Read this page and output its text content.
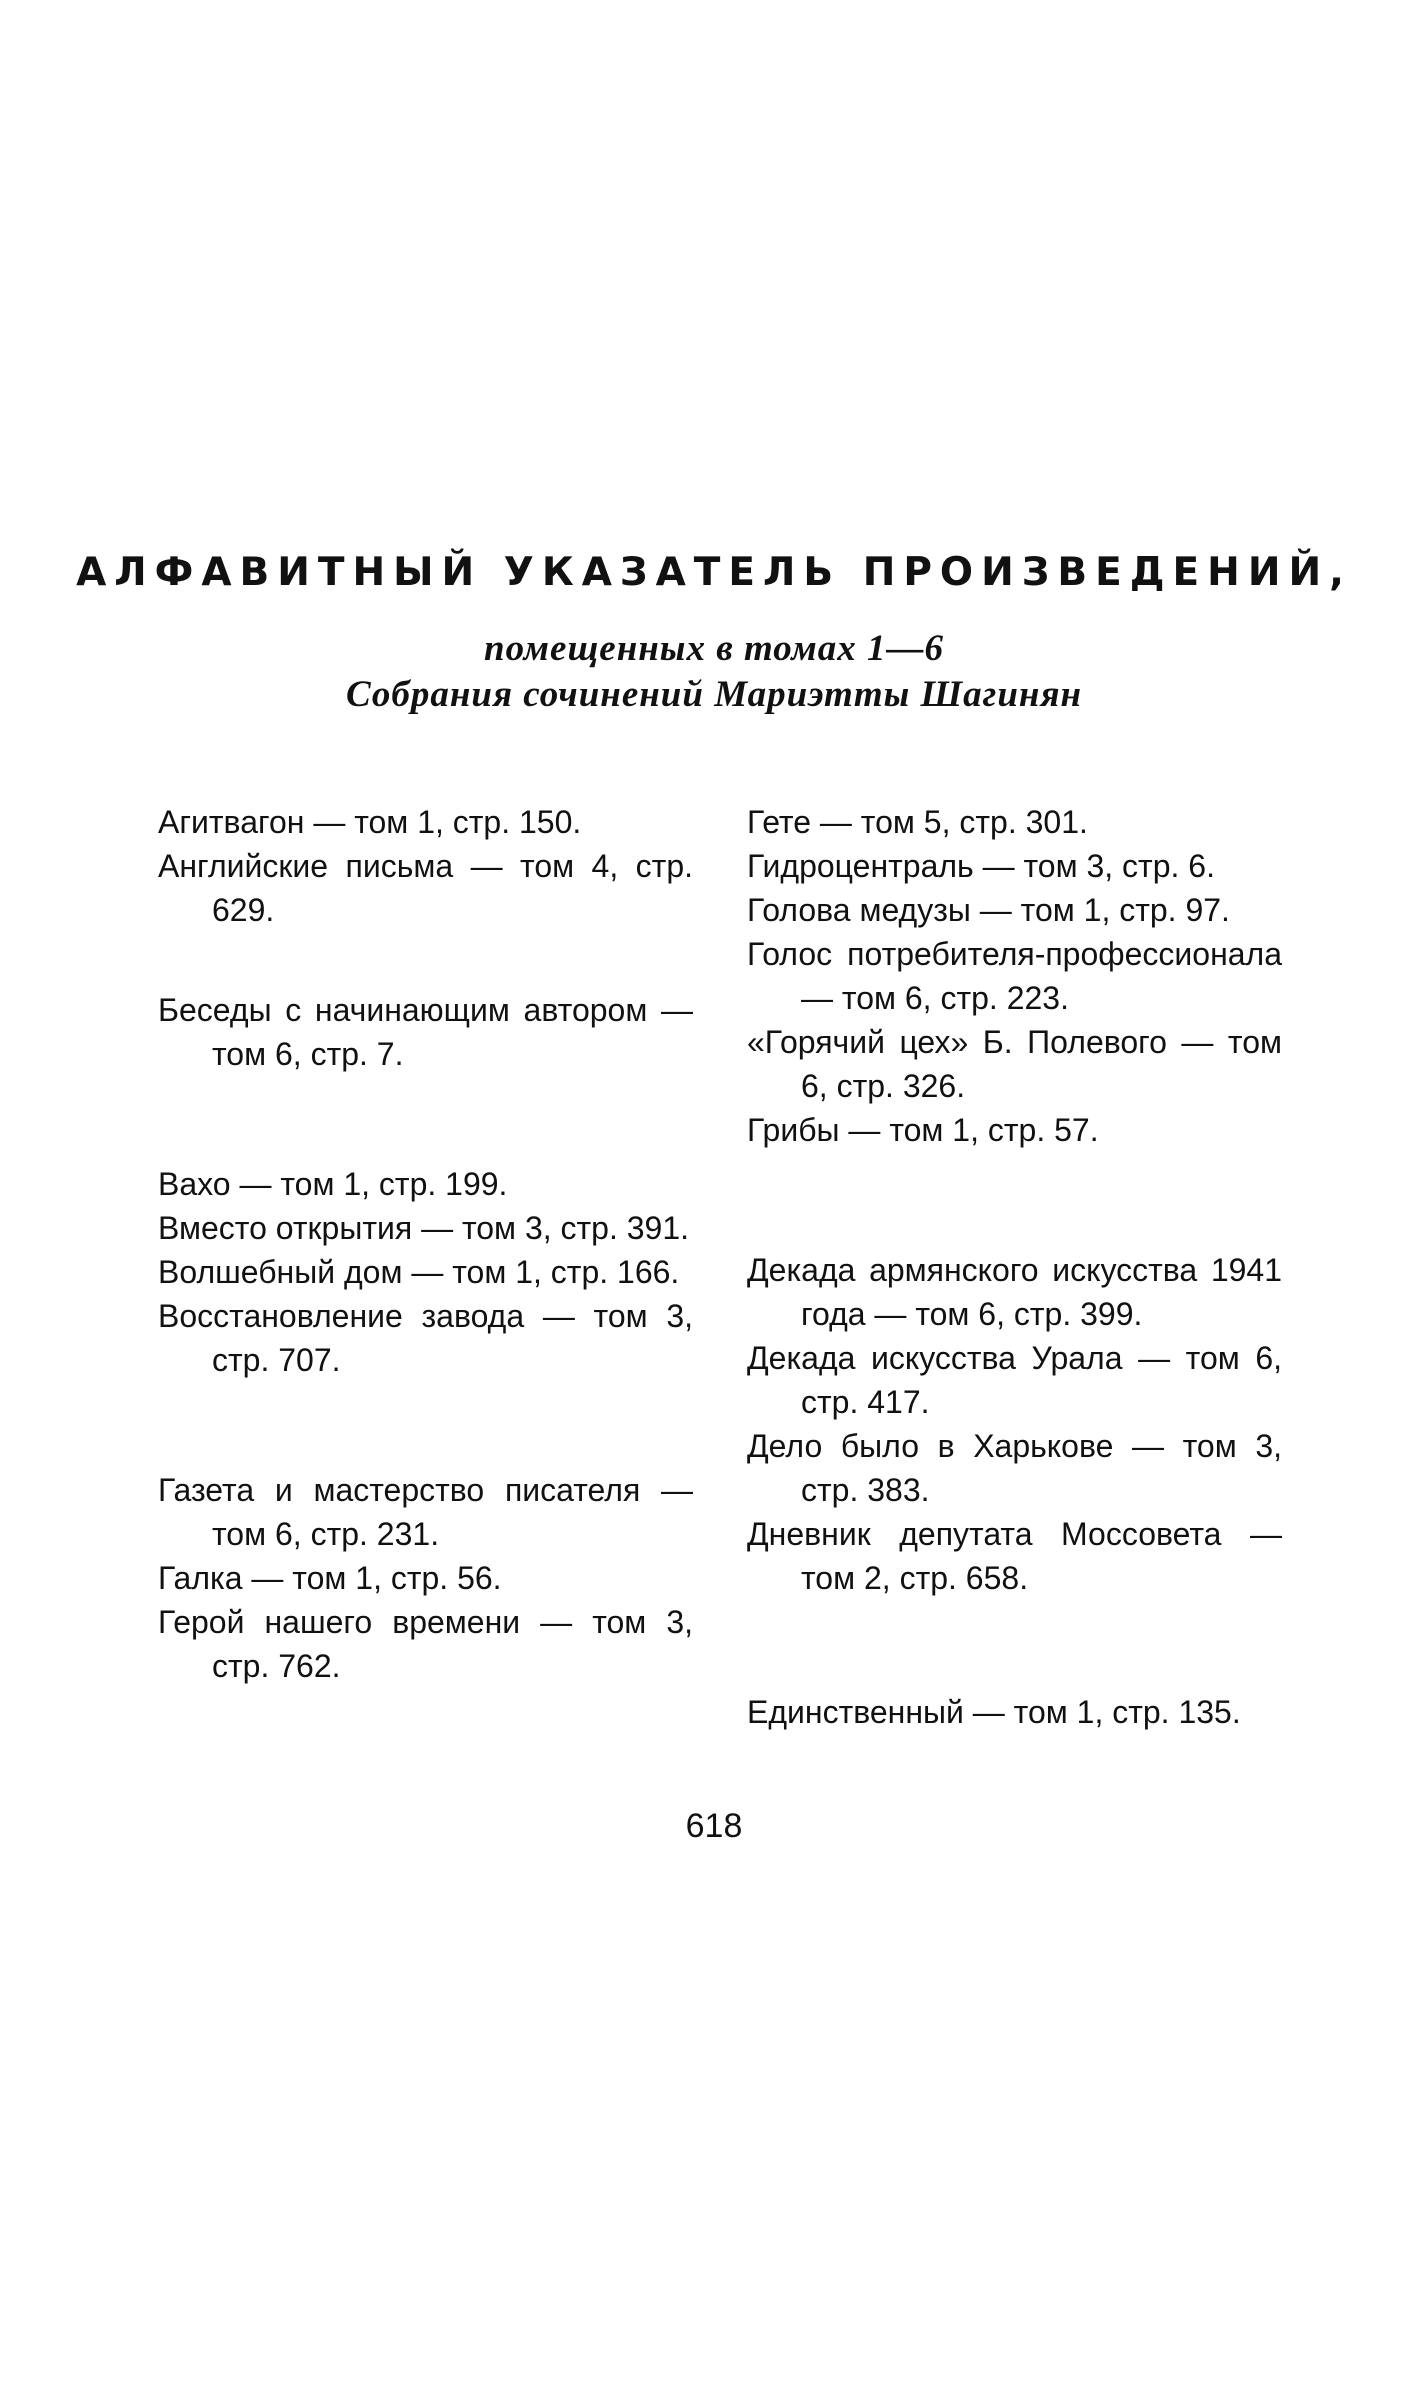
АЛФАВИТНЫЙ УКАЗАТЕЛЬ ПРОИЗВЕДЕНИЙ,
помещенных в томах 1—6
Собрания сочинений Мариэтты Шагинян

Агитвагон — том 1, стр. 150.

Английские письма — том 4, стр. 629.

Беседы с начинающим автором — том 6, стр. 7.

Вахо — том 1, стр. 199.

Вместо открытия — том 3, стр. 391.

Волшебный дом — том 1, стр. 166.

Восстановление завода — том 3, стр. 707.

Газета и мастерство писателя — том 6, стр. 231.

Галка — том 1, стр. 56.

Герой нашего времени — том 3, стр. 762.

Гете — том 5, стр. 301.

Гидроцентраль — том 3, стр. 6.

Голова медузы — том 1, стр. 97.

Голос потребителя-профессионала — том 6, стр. 223.

«Горячий цех» Б. Полевого — том 6, стр. 326.

Грибы — том 1, стр. 57.

Декада армянского искусства 1941 года — том 6, стр. 399.

Декада искусства Урала — том 6, стр. 417.

Дело было в Харькове — том 3, стр. 383.

Дневник депутата Моссовета — том 2, стр. 658.

Единственный — том 1, стр. 135.

618
